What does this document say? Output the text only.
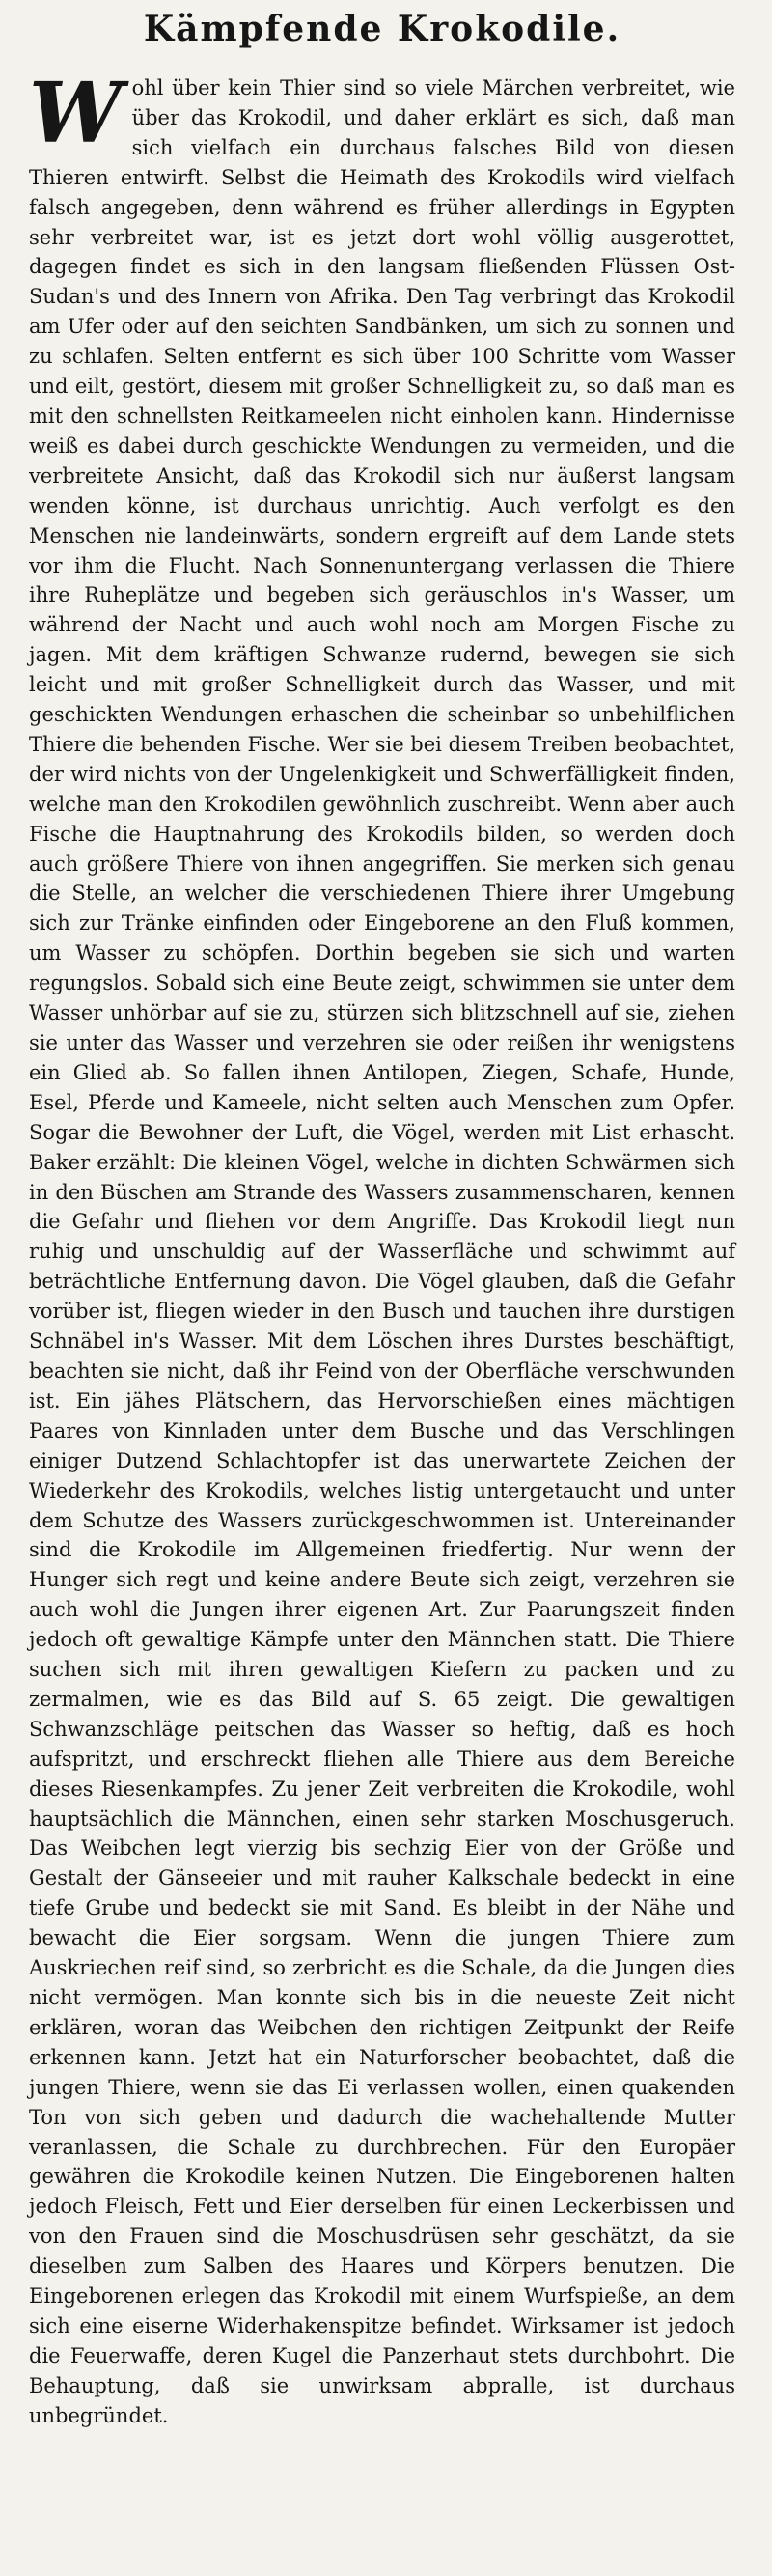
Kämpfende Krokodile.

Wohl über kein Thier sind so viele Märchen verbreitet, wie über das Krokodil, und daher erklärt es sich, daß man sich vielfach ein durchaus falsches Bild von diesen Thieren entwirft. Selbst die Heimath des Krokodils wird vielfach falsch angegeben, denn während es früher allerdings in Egypten sehr verbreitet war, ist es jetzt dort wohl völlig ausgerottet, dagegen findet es sich in den langsam fließenden Flüssen Ost-Sudan's und des Innern von Afrika. Den Tag verbringt das Krokodil am Ufer oder auf den seichten Sandbänken, um sich zu sonnen und zu schlafen. Selten entfernt es sich über 100 Schritte vom Wasser und eilt, gestört, diesem mit großer Schnelligkeit zu, so daß man es mit den schnellsten Reitkameelen nicht einholen kann. Hindernisse weiß es dabei durch geschickte Wendungen zu vermeiden, und die verbreitete Ansicht, daß das Krokodil sich nur äußerst langsam wenden könne, ist durchaus unrichtig. Auch verfolgt es den Menschen nie landeinwärts, sondern ergreift auf dem Lande stets vor ihm die Flucht. Nach Sonnenuntergang verlassen die Thiere ihre Ruheplätze und begeben sich geräuschlos in's Wasser, um während der Nacht und auch wohl noch am Morgen Fische zu jagen. Mit dem kräftigen Schwanze rudernd, bewegen sie sich leicht und mit großer Schnelligkeit durch das Wasser, und mit geschickten Wendungen erhaschen die scheinbar so unbehilflichen Thiere die behenden Fische. Wer sie bei diesem Treiben beobachtet, der wird nichts von der Ungelenkigkeit und Schwerfälligkeit finden, welche man den Krokodilen gewöhnlich zuschreibt. Wenn aber auch Fische die Hauptnahrung des Krokodils bilden, so werden doch auch größere Thiere von ihnen angegriffen. Sie merken sich genau die Stelle, an welcher die verschiedenen Thiere ihrer Umgebung sich zur Tränke einfinden oder Eingeborene an den Fluß kommen, um Wasser zu schöpfen. Dorthin begeben sie sich und warten regungslos. Sobald sich eine Beute zeigt, schwimmen sie unter dem Wasser unhörbar auf sie zu, stürzen sich blitzschnell auf sie, ziehen sie unter das Wasser und verzehren sie oder reißen ihr wenigstens ein Glied ab. So fallen ihnen Antilopen, Ziegen, Schafe, Hunde, Esel, Pferde und Kameele, nicht selten auch Menschen zum Opfer. Sogar die Bewohner der Luft, die Vögel, werden mit List erhascht. Baker erzählt: Die kleinen Vögel, welche in dichten Schwärmen sich in den Büschen am Strande des Wassers zusammenscharen, kennen die Gefahr und fliehen vor dem Angriffe. Das Krokodil liegt nun ruhig und unschuldig auf der Wasserfläche und schwimmt auf beträchtliche Entfernung davon. Die Vögel glauben, daß die Gefahr vorüber ist, fliegen wieder in den Busch und tauchen ihre durstigen Schnäbel in's Wasser. Mit dem Löschen ihres Durstes beschäftigt, beachten sie nicht, daß ihr Feind von der Oberfläche verschwunden ist. Ein jähes Plätschern, das Hervorschießen eines mächtigen Paares von Kinnladen unter dem Busche und das Verschlingen einiger Dutzend Schlachtopfer ist das unerwartete Zeichen der Wiederkehr des Krokodils, welches listig untergetaucht und unter dem Schutze des Wassers zurückgeschwommen ist. Untereinander sind die Krokodile im Allgemeinen friedfertig. Nur wenn der Hunger sich regt und keine andere Beute sich zeigt, verzehren sie auch wohl die Jungen ihrer eigenen Art. Zur Paarungszeit finden jedoch oft gewaltige Kämpfe unter den Männchen statt. Die Thiere suchen sich mit ihren gewaltigen Kiefern zu packen und zu zermalmen, wie es das Bild auf S. 65 zeigt. Die gewaltigen Schwanzschläge peitschen das Wasser so heftig, daß es hoch aufspritzt, und erschreckt fliehen alle Thiere aus dem Bereiche dieses Riesenkampfes. Zu jener Zeit verbreiten die Krokodile, wohl hauptsächlich die Männchen, einen sehr starken Moschusgeruch. Das Weibchen legt vierzig bis sechzig Eier von der Größe und Gestalt der Gänseeier und mit rauher Kalkschale bedeckt in eine tiefe Grube und bedeckt sie mit Sand. Es bleibt in der Nähe und bewacht die Eier sorgsam. Wenn die jungen Thiere zum Auskriechen reif sind, so zerbricht es die Schale, da die Jungen dies nicht vermögen. Man konnte sich bis in die neueste Zeit nicht erklären, woran das Weibchen den richtigen Zeitpunkt der Reife erkennen kann. Jetzt hat ein Naturforscher beobachtet, daß die jungen Thiere, wenn sie das Ei verlassen wollen, einen quakenden Ton von sich geben und dadurch die wachehaltende Mutter veranlassen, die Schale zu durchbrechen. Für den Europäer gewähren die Krokodile keinen Nutzen. Die Eingeborenen halten jedoch Fleisch, Fett und Eier derselben für einen Leckerbissen und von den Frauen sind die Moschusdrüsen sehr geschätzt, da sie dieselben zum Salben des Haares und Körpers benutzen. Die Eingeborenen erlegen das Krokodil mit einem Wurfspieße, an dem sich eine eiserne Widerhakenspitze befindet. Wirksamer ist jedoch die Feuerwaffe, deren Kugel die Panzerhaut stets durchbohrt. Die Behauptung, daß sie unwirksam abpralle, ist durchaus unbegründet.
